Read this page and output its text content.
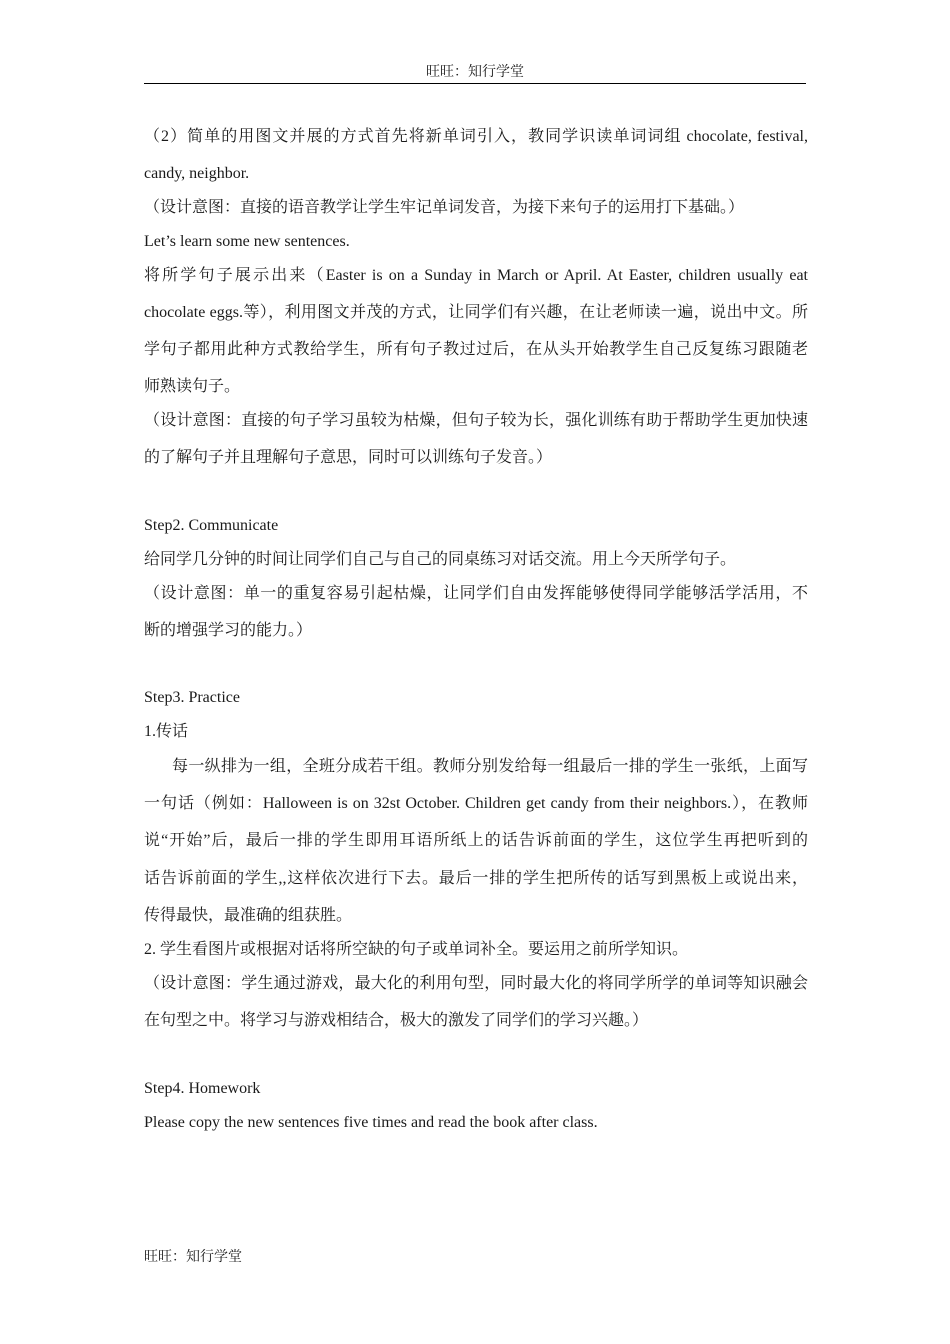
旺旺：知行学堂
（2）简单的用图文并展的方式首先将新单词引入，教同学识读单词词组 chocolate, festival,
candy, neighbor.
（设计意图：直接的语音教学让学生牢记单词发音，为接下来句子的运用打下基础。）
Let’s learn some new sentences.
将所学句子展示出来（Easter is on a Sunday in March or April. At Easter, children usually eat
chocolate eggs.等），利用图文并茂的方式，让同学们有兴趣，在让老师读一遍，说出中文。所
学句子都用此种方式教给学生，所有句子教过过后，在从头开始教学生自己反复练习跟随老
师熟读句子。
（设计意图：直接的句子学习虽较为枯燥，但句子较为长，强化训练有助于帮助学生更加快速
的了解句子并且理解句子意思，同时可以训练句子发音。）
Step2. Communicate
给同学几分钟的时间让同学们自己与自己的同桌练习对话交流。用上今天所学句子。
（设计意图：单一的重复容易引起枯燥，让同学们自由发挥能够使得同学能够活学活用，不
断的增强学习的能力。）
Step3. Practice
1.传话
每一纵排为一组，全班分成若干组。教师分别发给每一组最后一排的学生一张纸，上面写
一句话（例如：Halloween is on 32st October. Children get candy from their neighbors.），在教师
说“开始”后，最后一排的学生即用耳语所纸上的话告诉前面的学生，这位学生再把听到的
话告诉前面的学生,,这样依次进行下去。最后一排的学生把所传的话写到黑板上或说出来，
传得最快，最准确的组获胜。
2. 学生看图片或根据对话将所空缺的句子或单词补全。要运用之前所学知识。
（设计意图：学生通过游戏，最大化的利用句型，同时最大化的将同学所学的单词等知识融会
在句型之中。将学习与游戏相结合，极大的激发了同学们的学习兴趣。）
Step4. Homework
Please copy the new sentences five times and read the book after class.
旺旺：知行学堂
